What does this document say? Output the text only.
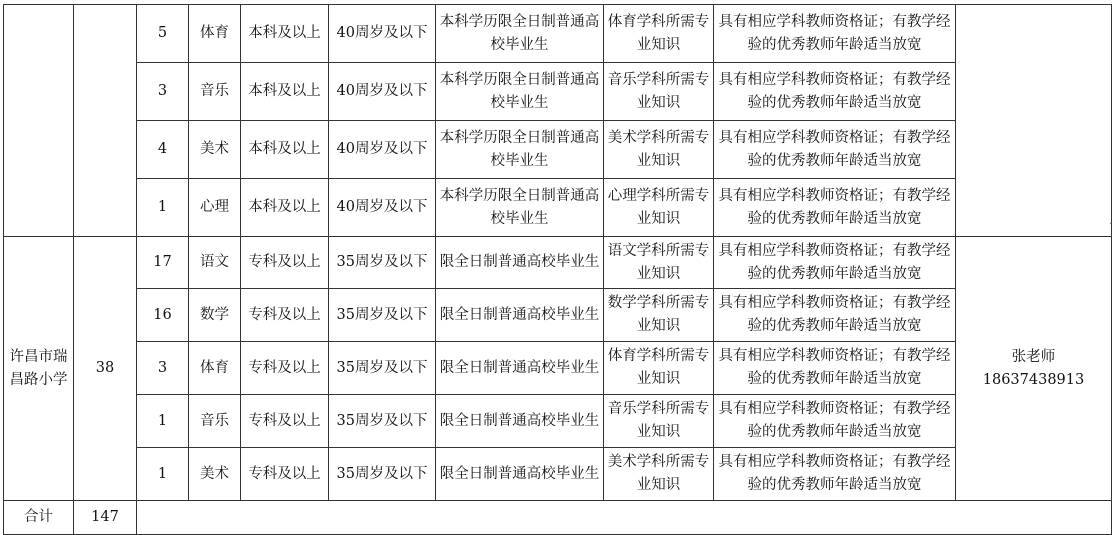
		5	体育	本科及以上	40周岁及以下	本科学历限全日制普通高校毕业生	体育学科所需专业知识	具有相应学科教师资格证；有教学经验的优秀教师年龄适当放宽	
		3	音乐	本科及以上	40周岁及以下	本科学历限全日制普通高校毕业生	音乐学科所需专业知识	具有相应学科教师资格证；有教学经验的优秀教师年龄适当放宽	
		4	美术	本科及以上	40周岁及以下	本科学历限全日制普通高校毕业生	美术学科所需专业知识	具有相应学科教师资格证；有教学经验的优秀教师年龄适当放宽	
		1	心理	本科及以上	40周岁及以下	本科学历限全日制普通高校毕业生	心理学科所需专业知识	具有相应学科教师资格证；有教学经验的优秀教师年龄适当放宽	
许昌市瑞昌路小学	38	17	语文	专科及以上	35周岁及以下	限全日制普通高校毕业生	语文学科所需专业知识	具有相应学科教师资格证；有教学经验的优秀教师年龄适当放宽	张老师
18637438913

		16	数学	专科及以上	35周岁及以下	限全日制普通高校毕业生	数学学科所需专业知识	具有相应学科教师资格证；有教学经验的优秀教师年龄适当放宽	
		3	体育	专科及以上	35周岁及以下	限全日制普通高校毕业生	体育学科所需专业知识	具有相应学科教师资格证；有教学经验的优秀教师年龄适当放宽	
		1	音乐	专科及以上	35周岁及以下	限全日制普通高校毕业生	音乐学科所需专业知识	具有相应学科教师资格证；有教学经验的优秀教师年龄适当放宽	
		1	美术	专科及以上	35周岁及以下	限全日制普通高校毕业生	美术学科所需专业知识	具有相应学科教师资格证；有教学经验的优秀教师年龄适当放宽	
合计	147								
.
